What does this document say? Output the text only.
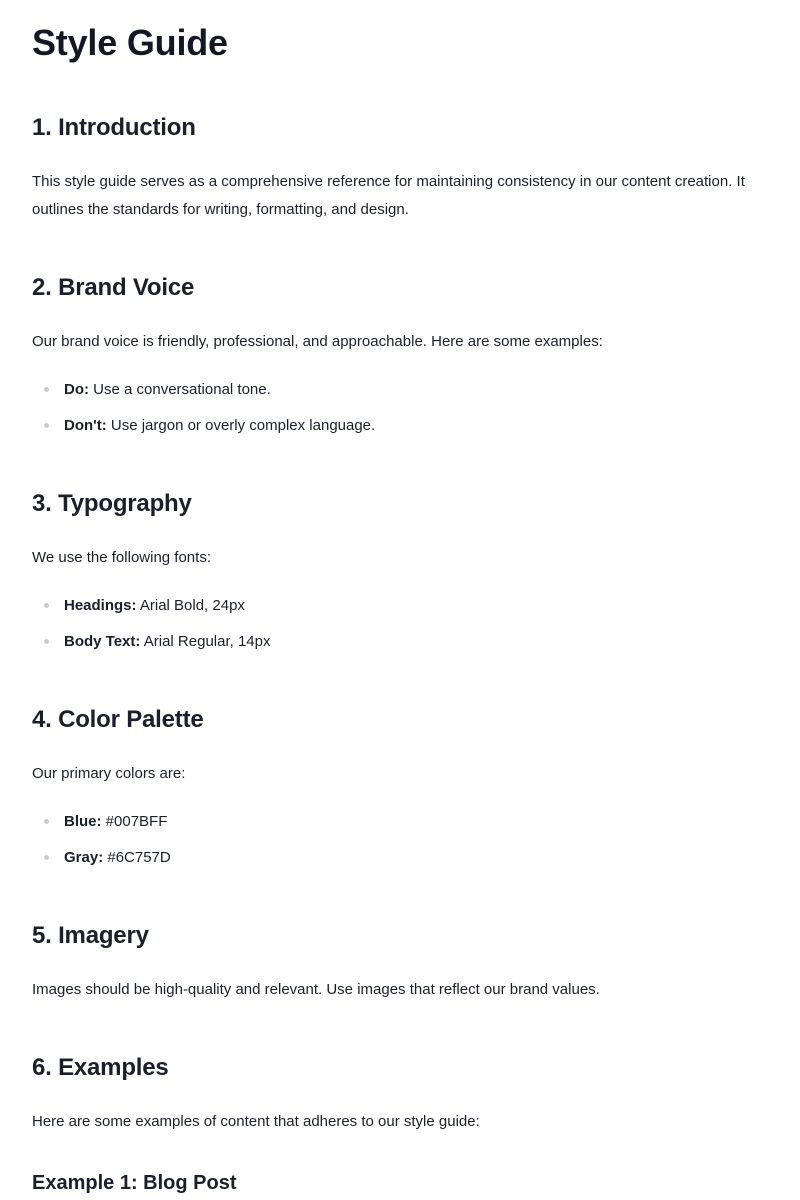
Style Guide
1. Introduction

This style guide serves as a comprehensive reference for maintaining consistency in our content creation. It outlines the standards for writing, formatting, and design.

2. Brand Voice

Our brand voice is friendly, professional, and approachable. Here are some examples:

Do: Use a conversational tone.
Don't: Use jargon or overly complex language.
3. Typography

We use the following fonts:

Headings: Arial Bold, 24px
Body Text: Arial Regular, 14px
4. Color Palette

Our primary colors are:

Blue: #007BFF
Gray: #6C757D
5. Imagery

Images should be high-quality and relevant. Use images that reflect our brand values.

6. Examples

Here are some examples of content that adheres to our style guide:

Example 1: Blog Post
